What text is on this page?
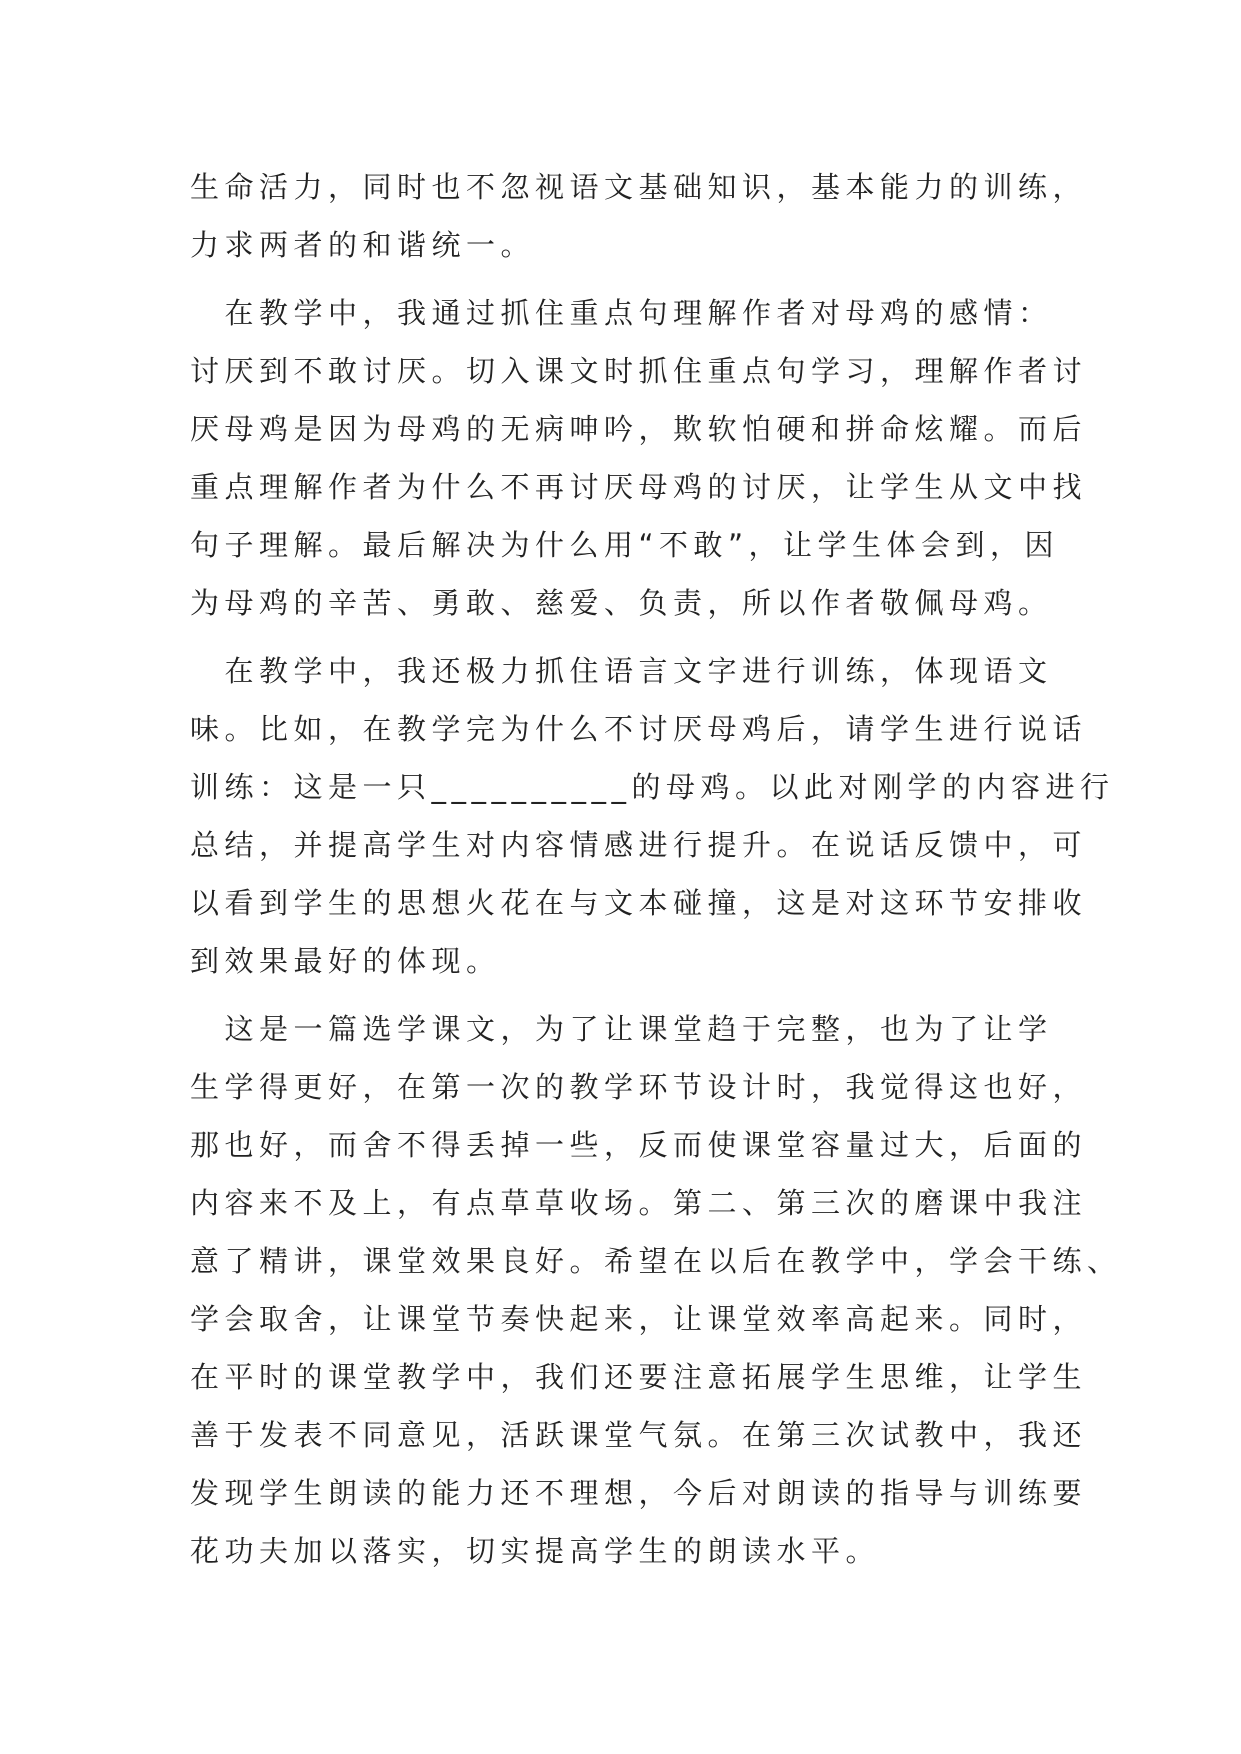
生命活力，同时也不忽视语文基础知识，基本能力的训练，
力求两者的和谐统一。
　在教学中，我通过抓住重点句理解作者对母鸡的感情：
讨厌到不敢讨厌。切入课文时抓住重点句学习，理解作者讨
厌母鸡是因为母鸡的无病呻吟，欺软怕硬和拼命炫耀。而后
重点理解作者为什么不再讨厌母鸡的讨厌，让学生从文中找
句子理解。最后解决为什么用“不敢”，让学生体会到，因
为母鸡的辛苦、勇敢、慈爱、负责，所以作者敬佩母鸡。
　在教学中，我还极力抓住语言文字进行训练，体现语文
味。比如，在教学完为什么不讨厌母鸡后，请学生进行说话
训练：这是一只__________的母鸡。以此对刚学的内容进行
总结，并提高学生对内容情感进行提升。在说话反馈中，可
以看到学生的思想火花在与文本碰撞，这是对这环节安排收
到效果最好的体现。
　这是一篇选学课文，为了让课堂趋于完整，也为了让学
生学得更好，在第一次的教学环节设计时，我觉得这也好，
那也好，而舍不得丢掉一些，反而使课堂容量过大，后面的
内容来不及上，有点草草收场。第二、第三次的磨课中我注
意了精讲，课堂效果良好。希望在以后在教学中，学会干练、
学会取舍，让课堂节奏快起来，让课堂效率高起来。同时，
在平时的课堂教学中，我们还要注意拓展学生思维，让学生
善于发表不同意见，活跃课堂气氛。在第三次试教中，我还
发现学生朗读的能力还不理想，今后对朗读的指导与训练要
花功夫加以落实，切实提高学生的朗读水平。
